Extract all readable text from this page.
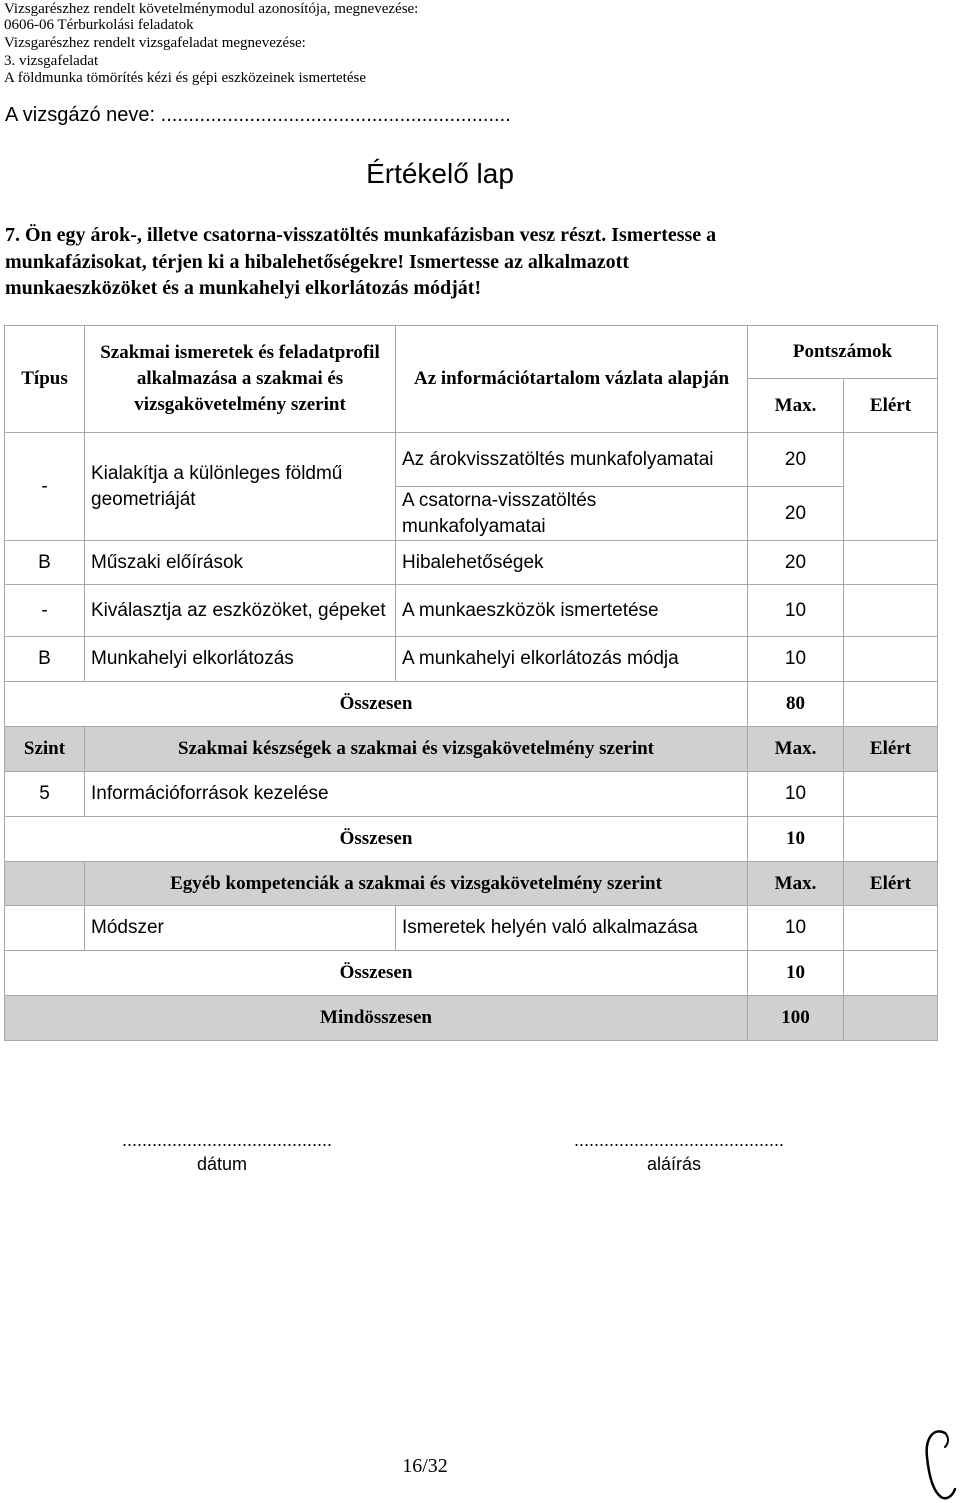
Vizsgarészhez rendelt követelménymodul azonosítója, megnevezése:
0606-06 Térburkolási feladatok
Vizsgarészhez rendelt vizsgafeladat megnevezése:
3. vizsgafeladat
A földmunka tömörítés kézi és gépi eszközeinek ismertetése
A vizsgázó neve: ...............................................................
Értékelő lap
7. Ön egy árok-, illetve csatorna-visszatöltés munkafázisban vesz részt. Ismertesse a
munkafázisokat, térjen ki a hibalehetőségekre! Ismertesse az alkalmazott
munkaeszközöket és a munkahelyi elkorlátozás módját!
Típus	Szakmai ismeretek és feladatprofil alkalmazása a szakmai és vizsgakövetelmény szerint	Az információtartalom vázlata alapján	Pontszámok	
			Max.	Elért
-	Kialakítja a különleges földmű geometriáját	Az árokvisszatöltés munkafolyamatai	20	
		A csatorna-visszatöltés munkafolyamatai	20	
B	Műszaki előírások	Hibalehetőségek	20	
-	Kiválasztja az eszközöket, gépeket	A munkaeszközök ismertetése	10	
B	Munkahelyi elkorlátozás	A munkahelyi elkorlátozás módja	10	
Összesen			80	
Szint	Szakmai készségek a szakmai és vizsgakövetelmény szerint		Max.	Elért
5	Információforrások kezelése		10	
Összesen			10	
	Egyéb kompetenciák a szakmai és vizsgakövetelmény szerint		Max.	Elért
	Módszer	Ismeretek helyén való alkalmazása	10	
Összesen			10	
Mindösszesen			100	
..........................................
dátum
..........................................
aláírás
16/32
